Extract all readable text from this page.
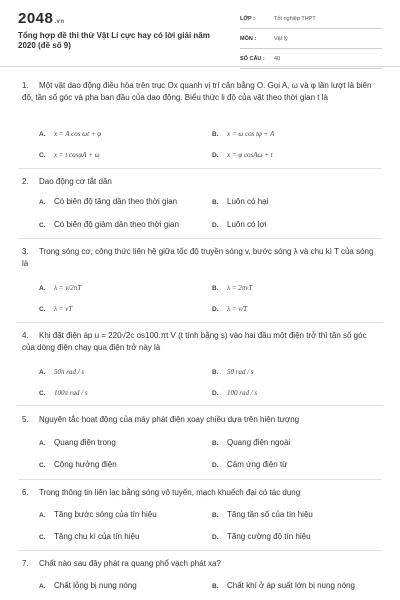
2048.vn
Tổng hợp đề thi thử Vật Lí cực hay có lời giải năm 2020 (đề số 9)
LỚP :	Tốt nghiệp THPT
MÔN :	Vật lý
SỐ CÂU : 40
1. Một vật dao động điều hòa trên trục Ox quanh vị trí cân bằng O. Gọi A, ω và φ lần lượt là biên độ, tần số góc và pha ban đầu của dao động. Biểu thức li độ của vật theo thời gian t là
A. x = A cos ωt + φ	B. x = ω cos tφ + A
C. x = t cosφA + ω	D. x = φ cosAω + t
2. Dao động cơ tắt dần
A. Có biên độ tăng dần theo thời gian	B. Luôn có hại
C. Có biên độ giảm dần theo thời gian	D. Luôn có lợi
3. Trong sóng cơ, công thức liên hệ giữa tốc độ truyền sóng v, bước sóng λ và chu kì T của sóng là
A. λ = v/2πT	B. λ = 2πvT
C. λ = vT	D. λ = v/T
4. Khi đặt điện áp u = 220√2c os100.πt V (t tính bằng s) vào hai đầu một điện trở thì tần số góc của dòng điện chạy qua điện trở này là
A. 50π rad / s	B. 50 rad / s
C. 100π rad / s	D. 100 rad / s
5. Nguyên tắc hoạt động của máy phát điện xoay chiều dựa trên hiện tượng
A. Quang điện trong	B. Quang điện ngoài
C. Cộng hưởng điện	D. Cảm ứng điện từ
6. Trong thông tin liên lạc bằng sóng vô tuyến, mạch khuếch đại có tác dụng
A. Tăng bước sóng của tín hiệu	B. Tăng tần số của tín hiệu
C. Tăng chu kì của tín hiệu	D. Tăng cường độ tín hiệu
7. Chất nào sau đây phát ra quang phổ vạch phát xạ?
A. Chất lỏng bị nung nóng	B. Chất khí ở áp suất lớn bị nung nóng
